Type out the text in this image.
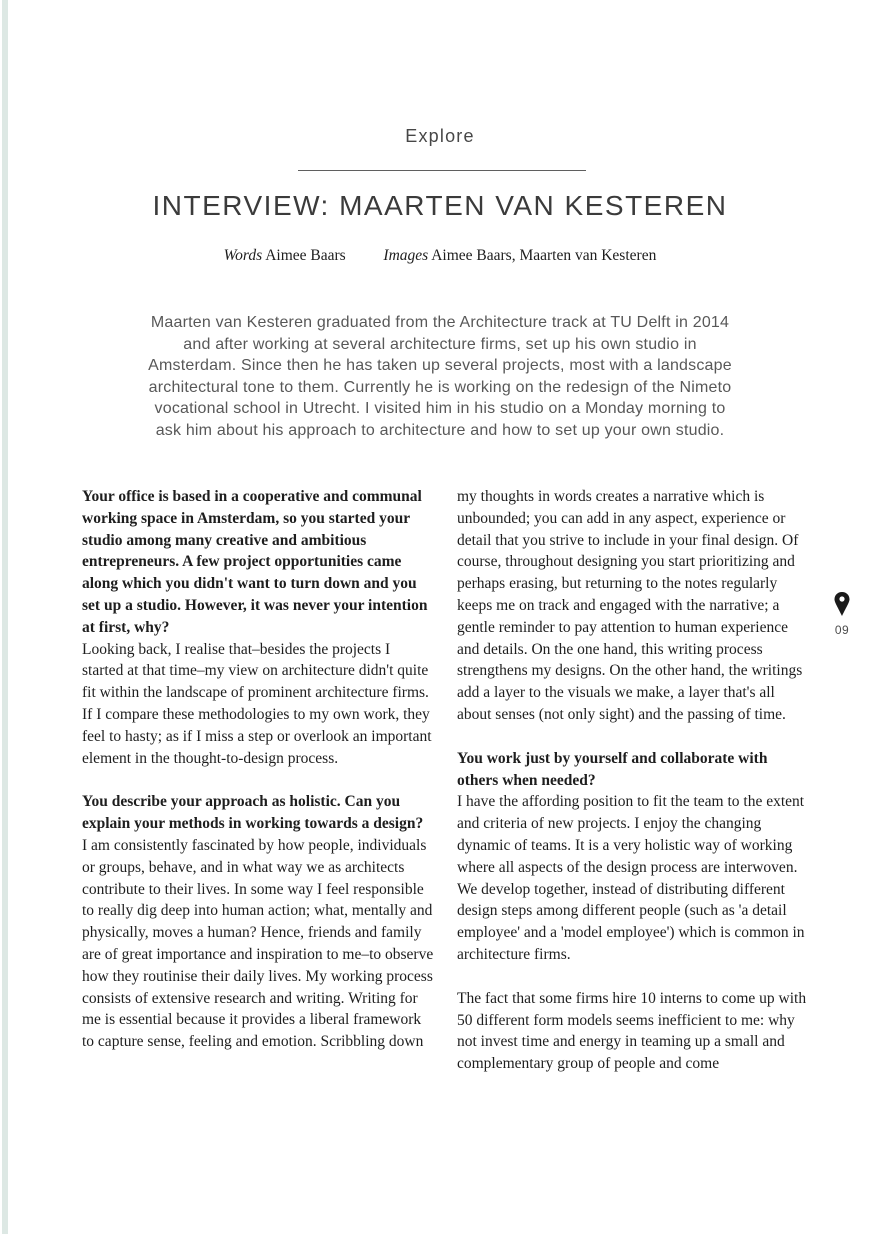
Explore
INTERVIEW: MAARTEN VAN KESTEREN
Words Aimee Baars Images Aimee Baars, Maarten van Kesteren
Maarten van Kesteren graduated from the Architecture track at TU Delft in 2014 and after working at several architecture firms, set up his own studio in Amsterdam. Since then he has taken up several projects, most with a landscape architectural tone to them. Currently he is working on the redesign of the Nimeto vocational school in Utrecht. I visited him in his studio on a Monday morning to ask him about his approach to architecture and how to set up your own studio.

Your office is based in a cooperative and communal working space in Amsterdam, so you started your studio among many creative and ambitious entrepreneurs. A few project opportunities came along which you didn't want to turn down and you set up a studio. However, it was never your intention at first, why?

Looking back, I realise that–besides the projects I started at that time–my view on architecture didn't quite fit within the landscape of prominent architecture firms. If I compare these methodologies to my own work, they feel to hasty; as if I miss a step or overlook an important element in the thought-to-design process.

You describe your approach as holistic. Can you explain your methods in working towards a design?

I am consistently fascinated by how people, individuals or groups, behave, and in what way we as architects contribute to their lives. In some way I feel responsible to really dig deep into human action; what, mentally and physically, moves a human? Hence, friends and family are of great importance and inspiration to me–to observe how they routinise their daily lives. My working process consists of extensive research and writing. Writing for me is essential because it provides a liberal framework to capture sense, feeling and emotion. Scribbling down

my thoughts in words creates a narrative which is unbounded; you can add in any aspect, experience or detail that you strive to include in your final design. Of course, throughout designing you start prioritizing and perhaps erasing, but returning to the notes regularly keeps me on track and engaged with the narrative; a gentle reminder to pay attention to human experience and details. On the one hand, this writing process strengthens my designs. On the other hand, the writings add a layer to the visuals we make, a layer that's all about senses (not only sight) and the passing of time.

You work just by yourself and collaborate with others when needed?

I have the affording position to fit the team to the extent and criteria of new projects. I enjoy the changing dynamic of teams. It is a very holistic way of working where all aspects of the design process are interwoven. We develop together, instead of distributing different design steps among different people (such as 'a detail employee' and a 'model employee') which is common in architecture firms.

The fact that some firms hire 10 interns to come up with 50 different form models seems inefficient to me: why not invest time and energy in teaming up a small and complementary group of people and come

09
